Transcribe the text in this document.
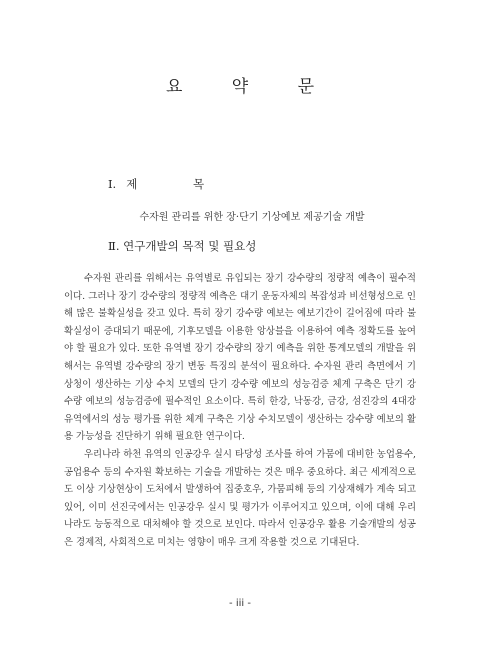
요 약 문
Ⅰ. 제 목
수자원 관리를 위한 장·단기 기상예보 제공기술 개발
Ⅱ. 연구개발의 목적 및 필요성

수자원 관리를 위해서는 유역별로 유입되는 장기 강수량의 정량적 예측이 필수적이다. 그러나 장기 강수량의 정량적 예측은 대기 운동자체의 복잡성과 비선형성으로 인해 많은 불확실성을 갖고 있다. 특히 장기 강수량 예보는 예보기간이 길어짐에 따라 불확실성이 증대되기 때문에, 기후모델을 이용한 앙상블을 이용하여 예측 정확도를 높여야 할 필요가 있다. 또한 유역별 장기 강수량의 장기 예측을 위한 통계모델의 개발을 위해서는 유역별 강수량의 장기 변동 특징의 분석이 필요하다. 수자원 관리 측면에서 기상청이 생산하는 기상 수치 모델의 단기 강수량 예보의 성능검증 체계 구축은 단기 강수량 예보의 성능검증에 필수적인 요소이다. 특히 한강, 낙동강, 금강, 섬진강의 4대강 유역에서의 성능 평가를 위한 체계 구축은 기상 수치모델이 생산하는 강수량 예보의 활용 가능성을 진단하기 위해 필요한 연구이다.

우리나라 하천 유역의 인공강우 실시 타당성 조사를 하여 가뭄에 대비한 농업용수, 공업용수 등의 수자원 확보하는 기술을 개발하는 것은 매우 중요하다. 최근 세계적으로도 이상 기상현상이 도처에서 발생하여 집중호우, 가뭄피해 등의 기상재해가 계속 되고 있어, 이미 선진국에서는 인공강우 실시 및 평가가 이루어지고 있으며, 이에 대해 우리나라도 능동적으로 대처해야 할 것으로 보인다. 따라서 인공강우 활용 기술개발의 성공은 경제적, 사회적으로 미치는 영향이 매우 크게 작용할 것으로 기대된다.

- iii -
